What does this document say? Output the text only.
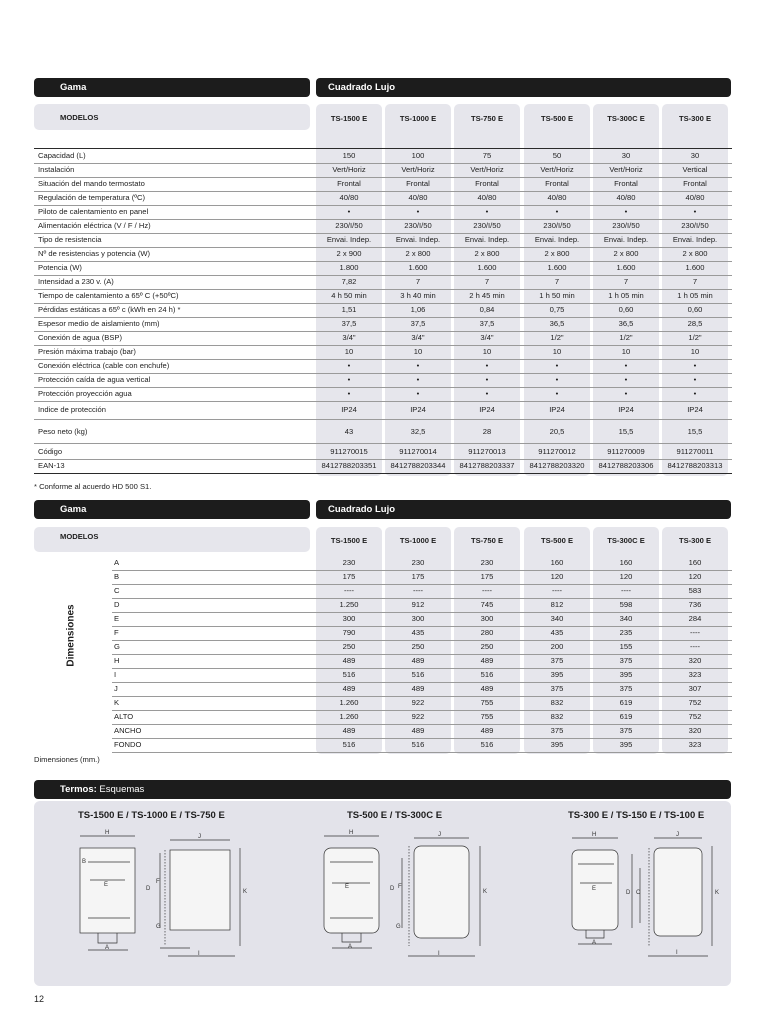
Gama	Cuadrado Lujo
MODELOS	TS-1500 E	TS-1000 E	TS-750 E	TS-500 E	TS-300C E	TS-300 E
Capacidad (L)	150	100	75	50	30	30
Instalación	Vert/Horiz	Vert/Horiz	Vert/Horiz	Vert/Horiz	Vert/Horiz	Vertical
Situación del mando termostato	Frontal	Frontal	Frontal	Frontal	Frontal	Frontal
Regulación de temperatura (ºC)	40/80	40/80	40/80	40/80	40/80	40/80
Piloto de calentamiento en panel	•	•	•	•	•	•
Alimentación eléctrica (V / F / Hz)	230/I/50	230/I/50	230/I/50	230/I/50	230/I/50	230/I/50
Tipo de resistencia	Envai. Indep.	Envai. Indep.	Envai. Indep.	Envai. Indep.	Envai. Indep.	Envai. Indep.
Nº de resistencias y potencia (W)	2 x 900	2 x 800	2 x 800	2 x 800	2 x 800	2 x 800
Potencia (W)	1.800	1.600	1.600	1.600	1.600	1.600
Intensidad a 230 v. (A)	7,82	7	7	7	7	7
Tiempo de calentamiento a 65º C (+50ºC)	4 h 50 min	3 h 40 min	2 h 45 min	1 h 50 min	1 h 05 min	1 h 05 min
Pérdidas estáticas a 65º c (kWh en 24 h) *	1,51	1,06	0,84	0,75	0,60	0,60
Espesor medio de aislamiento (mm)	37,5	37,5	37,5	36,5	36,5	28,5
Conexión de agua (BSP)	3/4"	3/4"	3/4"	1/2"	1/2"	1/2"
Presión máxima trabajo (bar)	10	10	10	10	10	10
Conexión eléctrica (cable con enchufe)	•	•	•	•	•	•
Protección caída de agua vertical	•	•	•	•	•	•
Protección proyección agua	•	•	•	•	•	•
Indice de protección	IP24	IP24	IP24	IP24	IP24	IP24
Peso neto (kg)	43	32,5	28	20,5	15,5	15,5
Código	911270015	911270014	911270013	911270012	911270009	911270011
EAN-13	8412788203351	8412788203344	8412788203337	8412788203320	8412788203306	8412788203313
* Conforme al acuerdo HD 500 S1.
Gama	Cuadrado Lujo
MODELOS
Dimensiones
TS-1500 E	TS-1000 E	TS-750 E	TS-500 E	TS-300C E	TS-300 E
A	230	230	230	160	160	160
B	175	175	175	120	120	120
C	----	----	----	----	----	583
D	1.250	912	745	812	598	736
E	300	300	300	340	340	284
F	790	435	280	435	235	----
G	250	250	250	200	155	----
H	489	489	489	375	375	320
I	516	516	516	395	395	323
J	489	489	489	375	375	307
K	1.260	922	755	832	619	752
ALTO	1.260	922	755	832	619	752
ANCHO	489	489	489	375	375	320
FONDO	516	516	516	395	395	323
Dimensiones (mm.)
Termos: Esquemas
TS-1500 E / TS-1000 E / TS-750 E	TS-500 E / TS-300C E	TS-300 E / TS-150 E / TS-100 E
H
J
B
E
A
D
F
G
K
I
H	J
E
A
D F
G
K
I
H	J
E
A
D C	K
I
12
